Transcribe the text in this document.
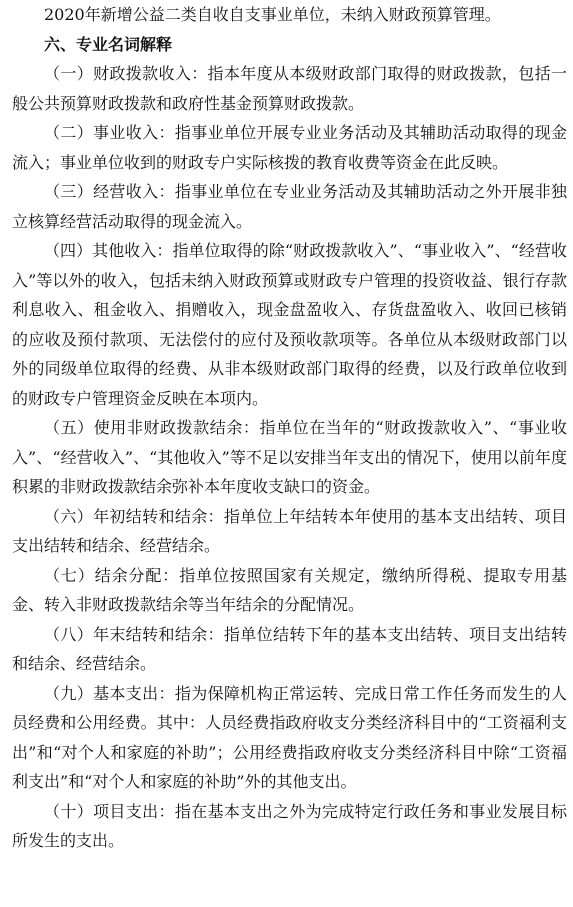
2020年新增公益二类自收自支事业单位，未纳入财政预算管理。

六、专业名词解释

（一）财政拨款收入：指本年度从本级财政部门取得的财政拨款，包括一般公共预算财政拨款和政府性基金预算财政拨款。

（二）事业收入：指事业单位开展专业业务活动及其辅助活动取得的现金流入；事业单位收到的财政专户实际核拨的教育收费等资金在此反映。

（三）经营收入：指事业单位在专业业务活动及其辅助活动之外开展非独立核算经营活动取得的现金流入。

（四）其他收入：指单位取得的除“财政拨款收入”、“事业收入”、“经营收入”等以外的收入，包括未纳入财政预算或财政专户管理的投资收益、银行存款利息收入、租金收入、捐赠收入，现金盘盈收入、存货盘盈收入、收回已核销的应收及预付款项、无法偿付的应付及预收款项等。各单位从本级财政部门以外的同级单位取得的经费、从非本级财政部门取得的经费，以及行政单位收到的财政专户管理资金反映在本项内。

（五）使用非财政拨款结余：指单位在当年的“财政拨款收入”、“事业收入”、“经营收入”、“其他收入”等不足以安排当年支出的情况下，使用以前年度积累的非财政拨款结余弥补本年度收支缺口的资金。

（六）年初结转和结余：指单位上年结转本年使用的基本支出结转、项目支出结转和结余、经营结余。

（七）结余分配：指单位按照国家有关规定，缴纳所得税、提取专用基金、转入非财政拨款结余等当年结余的分配情况。

（八）年末结转和结余：指单位结转下年的基本支出结转、项目支出结转和结余、经营结余。

（九）基本支出：指为保障机构正常运转、完成日常工作任务而发生的人员经费和公用经费。其中：人员经费指政府收支分类经济科目中的“工资福利支出”和“对个人和家庭的补助”；公用经费指政府收支分类经济科目中除“工资福利支出”和“对个人和家庭的补助”外的其他支出。

（十）项目支出：指在基本支出之外为完成特定行政任务和事业发展目标所发生的支出。
